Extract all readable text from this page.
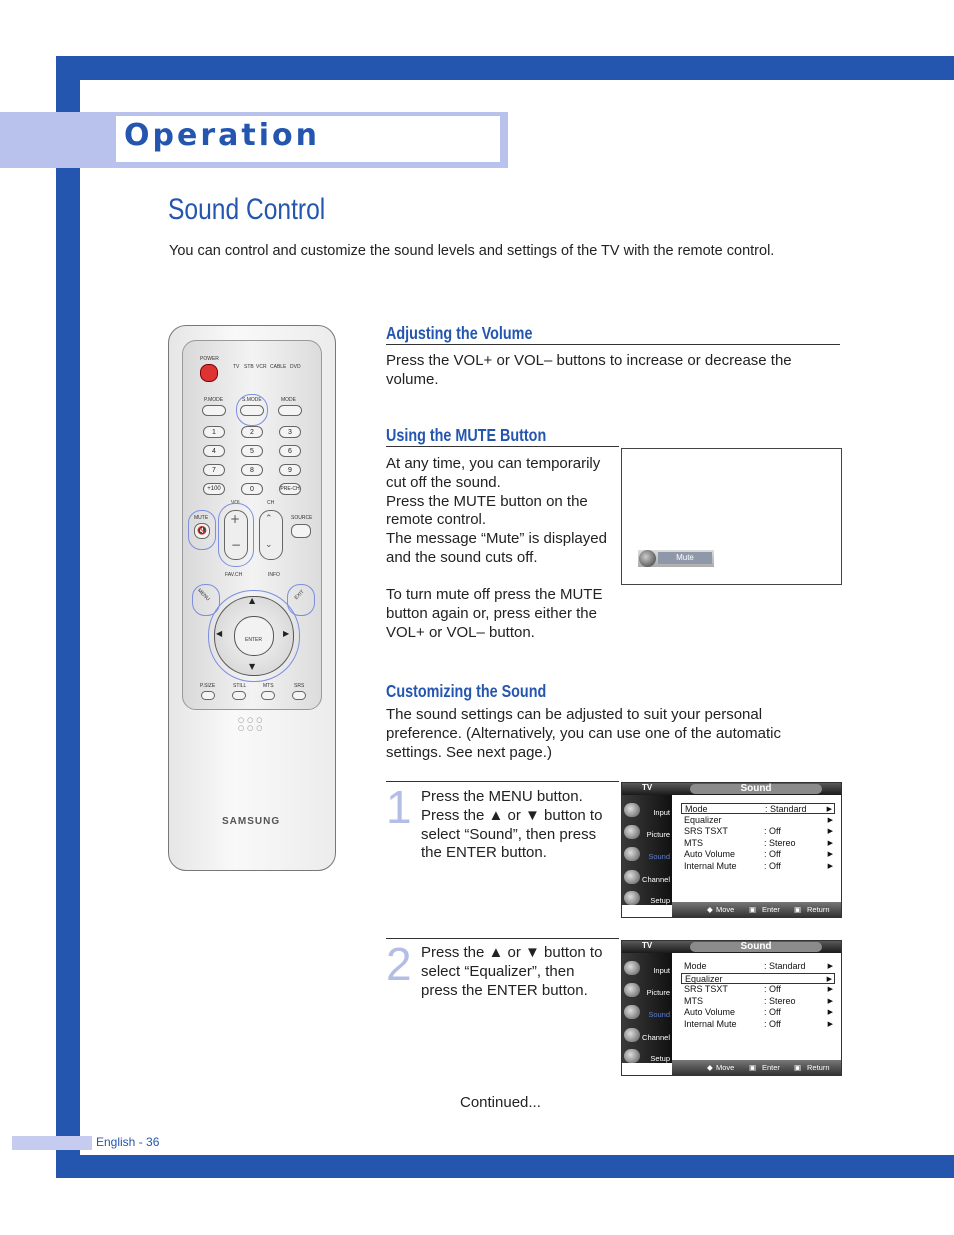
Operation
Sound Control
You can control and customize the sound levels and settings of the TV with the remote control.
POWER
TV STB VCR CABLE DVD
P.MODE	S.MODE	MODE
1	2	3
4	5	6
7	8	9
+100	0	PRE-CH
VOL	CH
MUTE	SOURCE
🔇
+
−
⌃
⌄
FAV.CH	INFO
MENU	EXIT
ENTER
▲
▼
◀	▶
P.SIZE	STILL	MTS	SRS
○○○
○○○
SAMSUNG
Adjusting the Volume
Press the VOL+ or VOL– buttons to increase or decrease the
volume.
Using the MUTE Button
At any time, you can temporarily
cut off the sound.
Press the MUTE button on the
remote control.
The message “Mute” is displayed
and the sound cuts off.
To turn mute off press the MUTE
button again or, press either the
VOL+ or VOL– button.
Mute
Customizing the Sound
The sound settings can be adjusted to suit your personal
preference. (Alternatively, you can use one of the automatic
settings. See next page.)
1 Press the MENU button.
Press the ▲ or ▼ button to
select “Sound”, then press
the ENTER button.
TV	Sound
Input
Picture
Sound
Channel
Setup
Mode	: Standard	▶
Equalizer	▶
SRS TSXT	: Off	▶
MTS	: Stereo	▶
Auto Volume	: Off	▶
Internal Mute	: Off	▶
◆ Move ▣ Enter ▣ Return
2 Press the ▲ or ▼ button to
select “Equalizer”, then
press the ENTER button.
TV	Sound
Input
Picture
Sound
Channel
Setup
Mode	: Standard	▶
Equalizer	▶
SRS TSXT	: Off	▶
MTS	: Stereo	▶
Auto Volume	: Off	▶
Internal Mute	: Off	▶
◆ Move ▣ Enter ▣ Return
Continued...
English - 36
